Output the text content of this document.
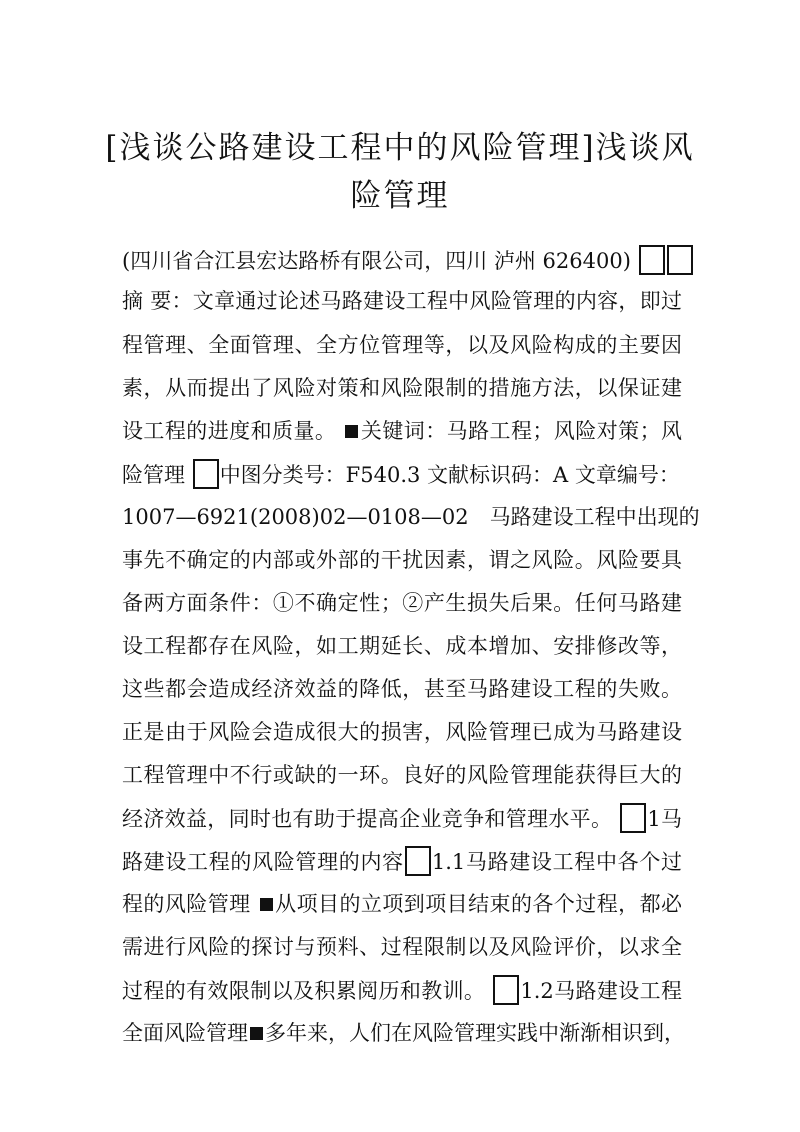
[浅谈公路建设工程中的风险管理]浅谈风
险管理
(四川省合江县宏达路桥有限公司，四川 泸州 626400)
摘 要：文章通过论述马路建设工程中风险管理的内容，即过
程管理、全面管理、全方位管理等，以及风险构成的主要因
素，从而提出了风险对策和风险限制的措施方法，以保证建
设工程的进度和质量。 关键词：马路工程；风险对策；风
险管理 中图分类号：F540.3 文献标识码：A 文章编号：
1007—6921(2008)02—0108—02　马路建设工程中出现的
事先不确定的内部或外部的干扰因素，谓之风险。风险要具
备两方面条件：①不确定性；②产生损失后果。任何马路建
设工程都存在风险，如工期延长、成本增加、安排修改等，
这些都会造成经济效益的降低，甚至马路建设工程的失败。
正是由于风险会造成很大的损害，风险管理已成为马路建设
工程管理中不行或缺的一环。良好的风险管理能获得巨大的
经济效益，同时也有助于提高企业竞争和管理水平。 1马
路建设工程的风险管理的内容 1.1马路建设工程中各个过
程的风险管理 从项目的立项到项目结束的各个过程，都必
需进行风险的探讨与预料、过程限制以及风险评价，以求全
过程的有效限制以及积累阅历和教训。 1.2马路建设工程
全面风险管理 多年来，人们在风险管理实践中渐渐相识到，
